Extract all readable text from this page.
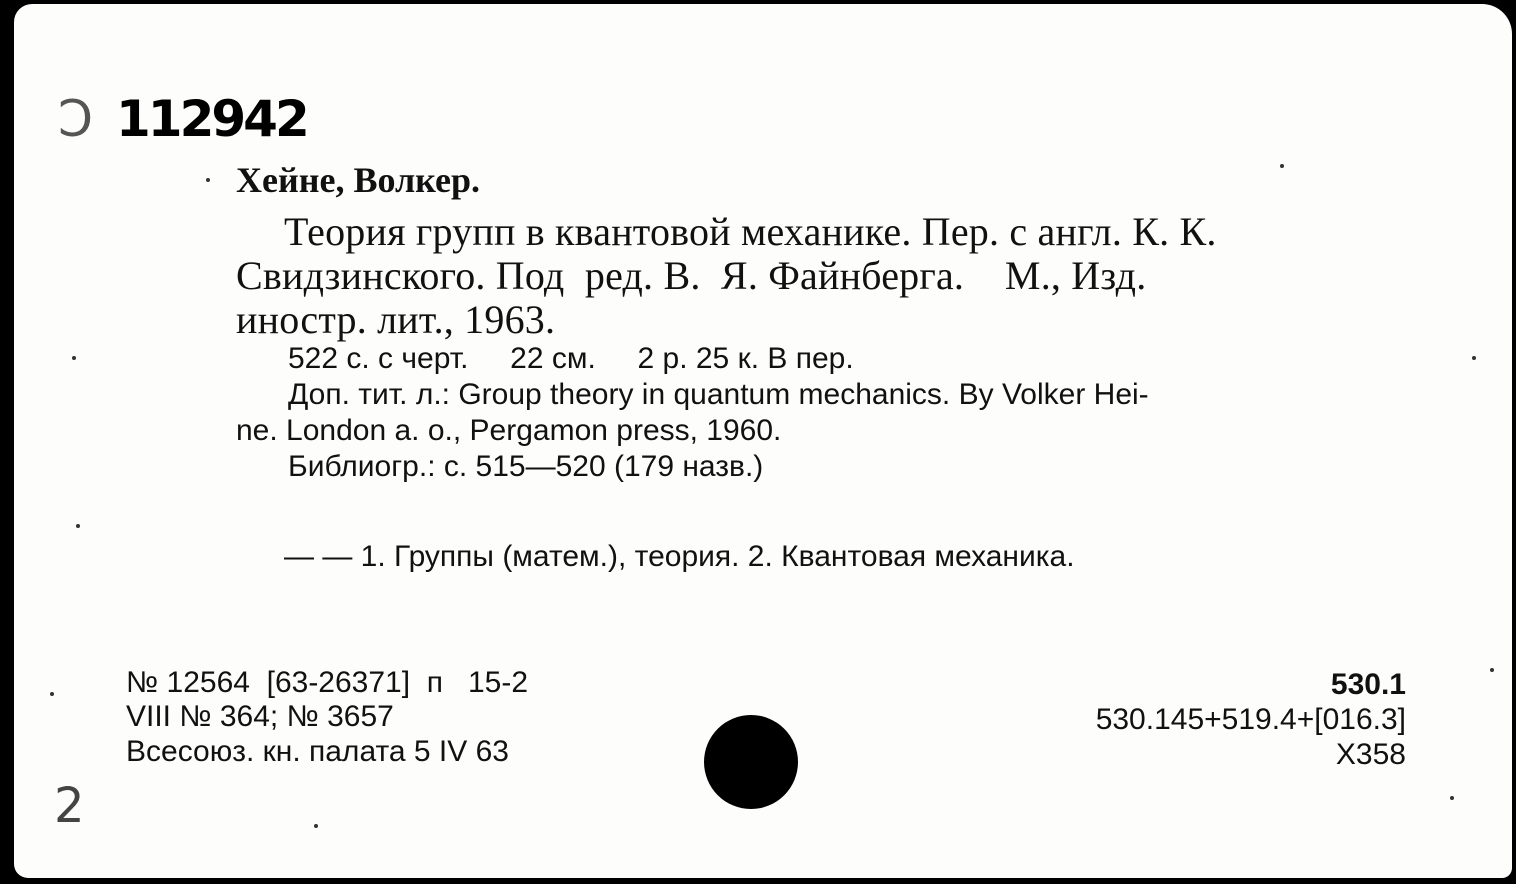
Ͻ 112942
Хейне, Волкер.
Теория групп в квантовой механике. Пер. с англ. К. К.
Свидзинского. Под  ред. В.  Я. Файнберга.    М., Изд.
иностр. лит., 1963.
522 с. с черт.     22 см.     2 р. 25 к. В пер.
Доп. тит. л.: Group theory in quantum mechanics. By Volker Hei-
ne. London a. o., Pergamon press, 1960.
Библиогр.: с. 515—520 (179 назв.)
— — 1. Группы (матем.), теория. 2. Квантовая механика.
№ 12564  [63-26371]  п   15-2
VIII № 364; № 3657
Всесоюз. кн. палата 5 IV 63
530.1
530.145+519.4+[016.3]
Х358
2
